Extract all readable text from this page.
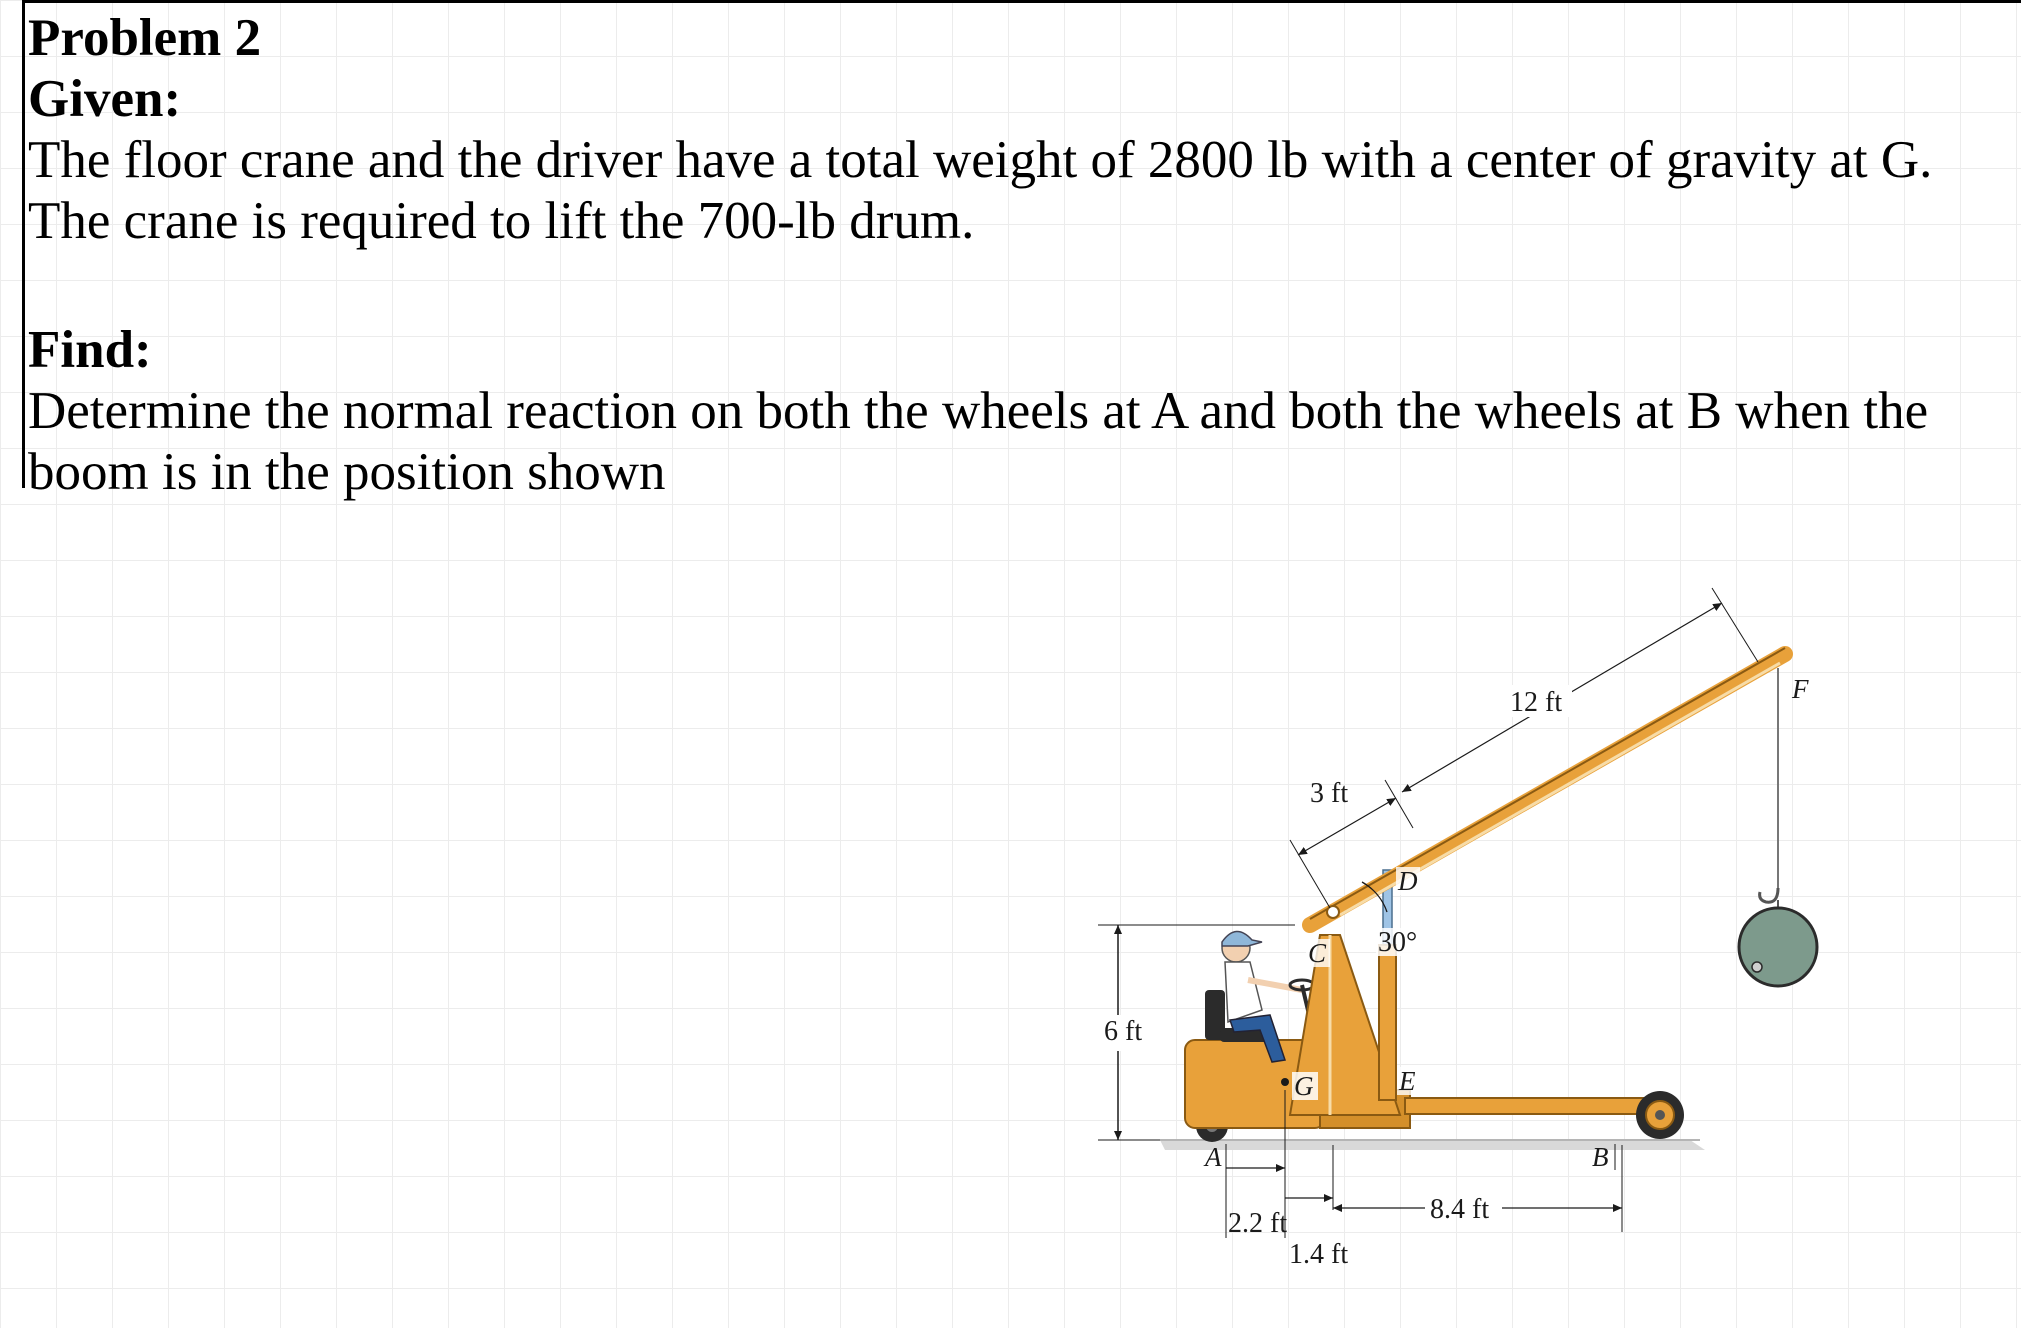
Problem 2

Given:

The floor crane and the driver have a total weight of 2800 lb with a center of gravity at G.

The crane is required to lift the 700-lb drum.

Find:

Determine the normal reaction on both the wheels at A and both the wheels at B when the

boom is in the position shown

6 ft
C
D
E
F
G
A	B
30°
3 ft
12 ft
2.2 ft
1.4 ft
8.4 ft
